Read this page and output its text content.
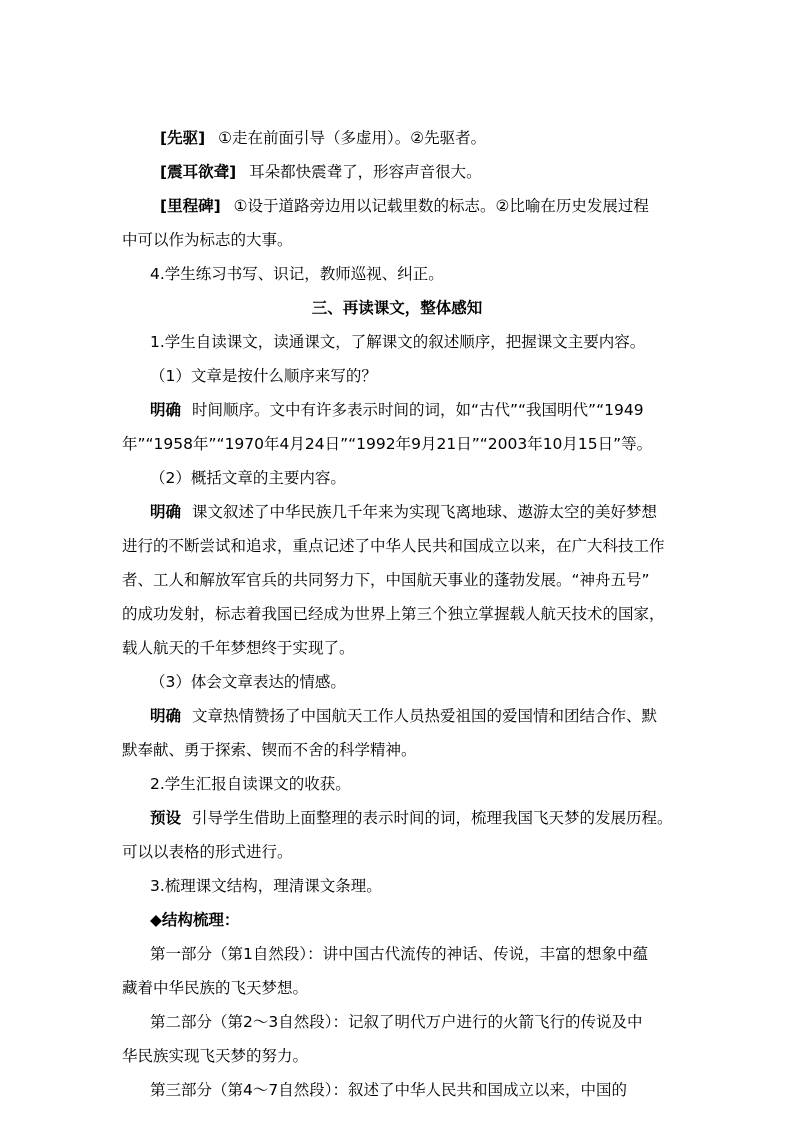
[先驱] ①走在前面引导（多虚用）。②先驱者。
[震耳欲聋] 耳朵都快震聋了，形容声音很大。
[里程碑] ①设于道路旁边用以记载里数的标志。②比喻在历史发展过程
中可以作为标志的大事。
4.学生练习书写、识记，教师巡视、纠正。
三、再读课文，整体感知
1.学生自读课文，读通课文，了解课文的叙述顺序，把握课文主要内容。
（1）文章是按什么顺序来写的？
明确 时间顺序。文中有许多表示时间的词，如“古代”“我国明代”“1949
年”“1958年”“1970年4月24日”“1992年9月21日”“2003年10月15日”等。
（2）概括文章的主要内容。
明确 课文叙述了中华民族几千年来为实现飞离地球、遨游太空的美好梦想
进行的不断尝试和追求，重点记述了中华人民共和国成立以来，在广大科技工作
者、工人和解放军官兵的共同努力下，中国航天事业的蓬勃发展。“神舟五号”
的成功发射，标志着我国已经成为世界上第三个独立掌握载人航天技术的国家，
载人航天的千年梦想终于实现了。
（3）体会文章表达的情感。
明确 文章热情赞扬了中国航天工作人员热爱祖国的爱国情和团结合作、默
默奉献、勇于探索、锲而不舍的科学精神。
2.学生汇报自读课文的收获。
预设 引导学生借助上面整理的表示时间的词，梳理我国飞天梦的发展历程。
可以以表格的形式进行。
3.梳理课文结构，理清课文条理。
◆结构梳理：
第一部分（第1自然段）：讲中国古代流传的神话、传说，丰富的想象中蕴
藏着中华民族的飞天梦想。
第二部分（第2～3自然段）：记叙了明代万户进行的火箭飞行的传说及中
华民族实现飞天梦的努力。
第三部分（第4～7自然段）：叙述了中华人民共和国成立以来，中国的
